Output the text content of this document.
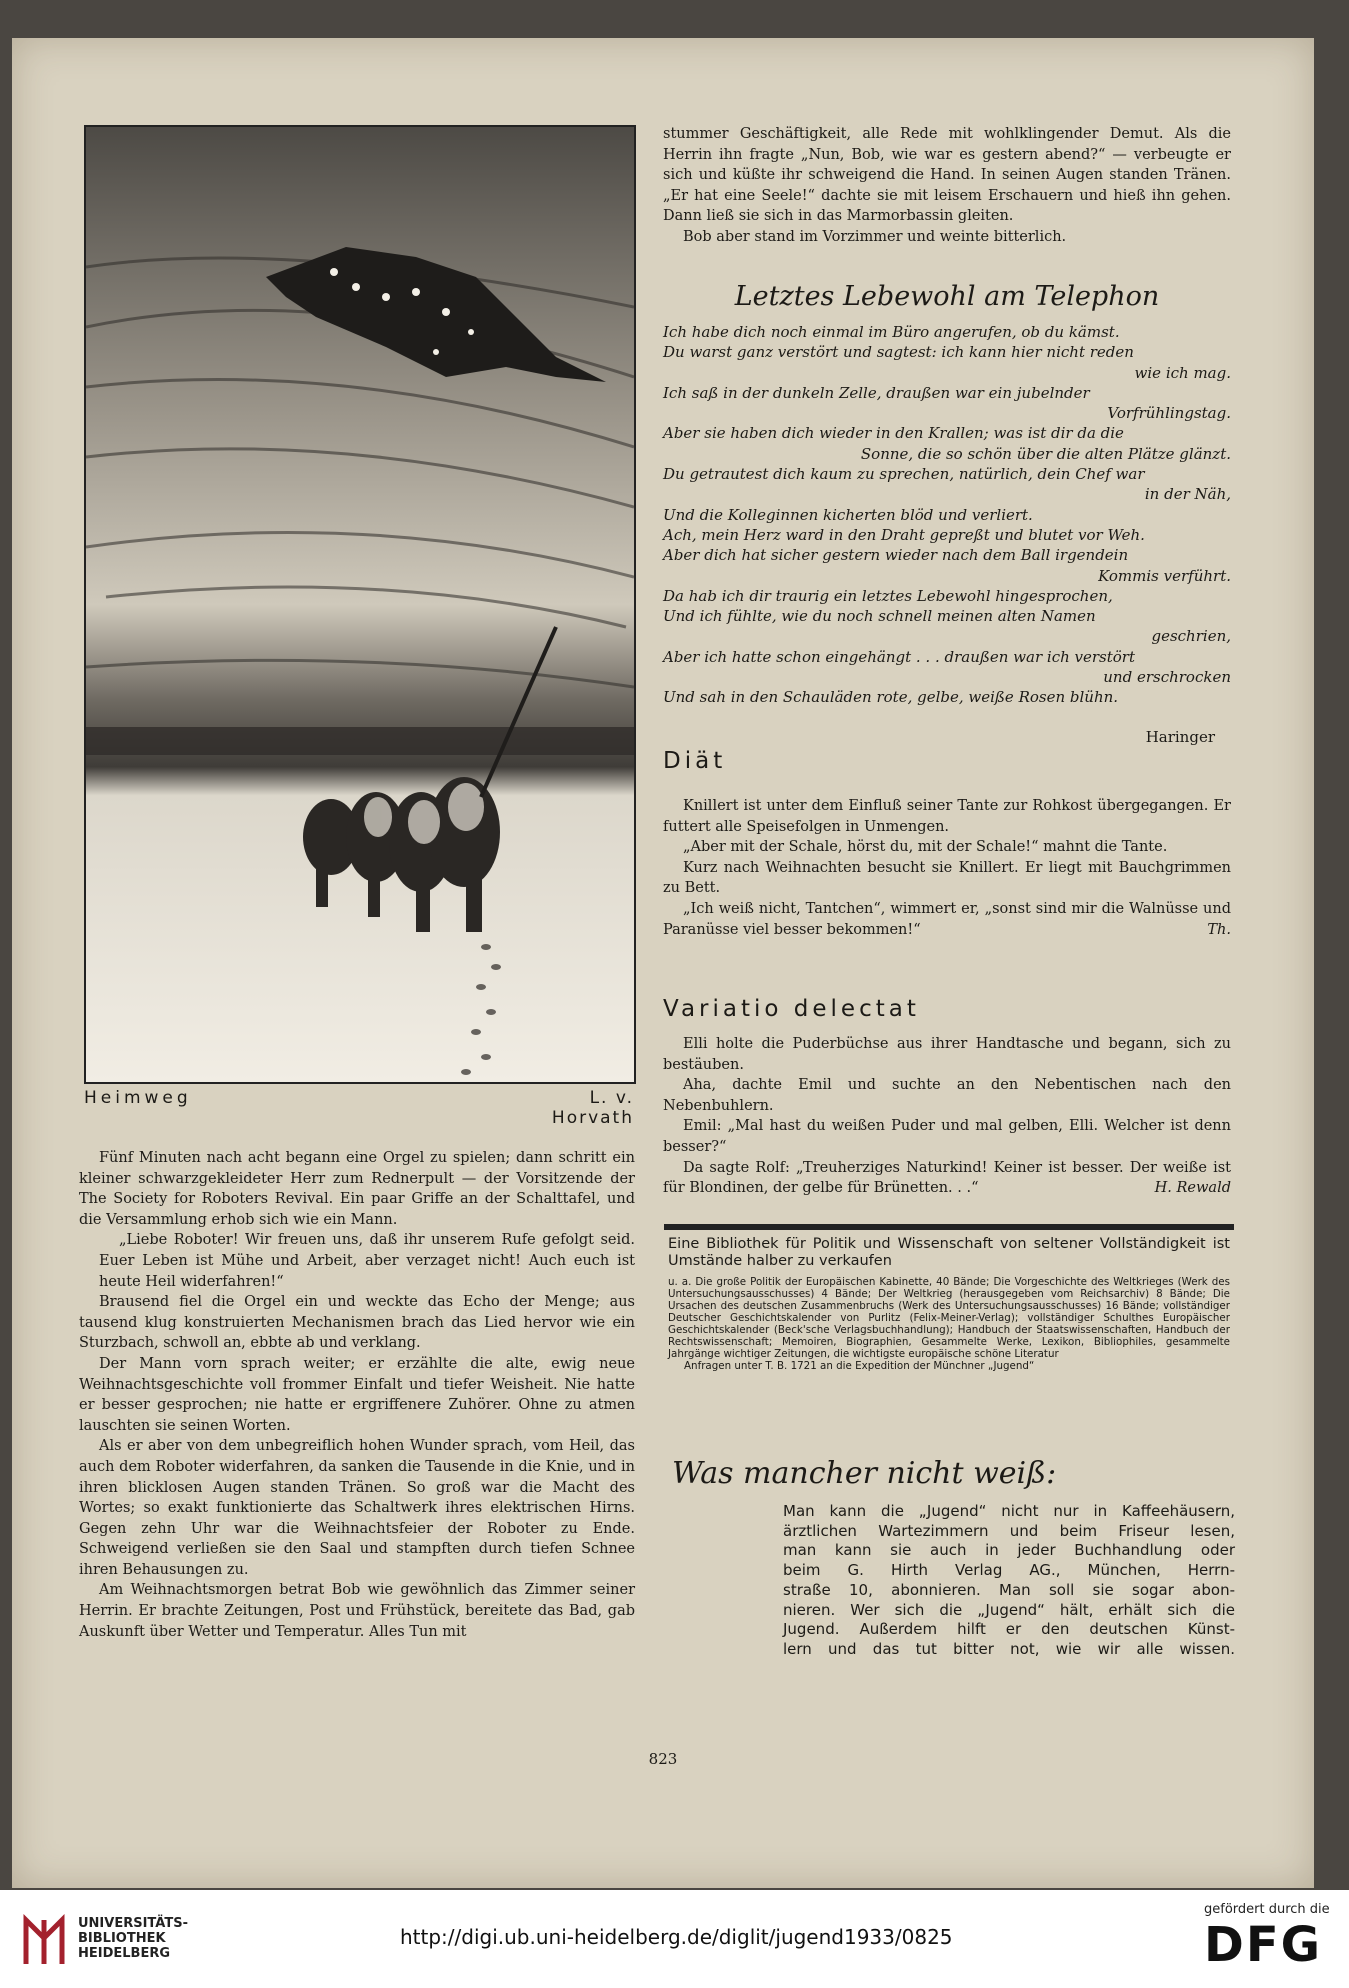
Heimweg	L. v. Horvath

Fünf Minuten nach acht begann eine Orgel zu spielen; dann schritt ein kleiner schwarzgekleideter Herr zum Rednerpult — der Vorsitzende der The Society for Roboters Revival. Ein paar Griffe an der Schalttafel, und die Versammlung erhob sich wie ein Mann.

„Liebe Roboter! Wir freuen uns, daß ihr unserem Rufe gefolgt seid. Euer Leben ist Mühe und Arbeit, aber verzaget nicht! Auch euch ist heute Heil widerfahren!“

Brausend fiel die Orgel ein und weckte das Echo der Menge; aus tausend klug konstruierten Mechanismen brach das Lied hervor wie ein Sturzbach, schwoll an, ebbte ab und verklang.

Der Mann vorn sprach weiter; er erzählte die alte, ewig neue Weihnachtsgeschichte voll frommer Einfalt und tiefer Weisheit. Nie hatte er besser gesprochen; nie hatte er ergriffenere Zuhörer. Ohne zu atmen lauschten sie seinen Worten.

Als er aber von dem unbegreiflich hohen Wunder sprach, vom Heil, das auch dem Roboter widerfahren, da sanken die Tausende in die Knie, und in ihren blicklosen Augen standen Tränen. So groß war die Macht des Wortes; so exakt funktionierte das Schaltwerk ihres elektrischen Hirns. Gegen zehn Uhr war die Weihnachtsfeier der Roboter zu Ende. Schweigend verließen sie den Saal und stampften durch tiefen Schnee ihren Behausungen zu.

Am Weihnachtsmorgen betrat Bob wie gewöhnlich das Zimmer seiner Herrin. Er brachte Zeitungen, Post und Frühstück, bereitete das Bad, gab Auskunft über Wetter und Temperatur. Alles Tun mit

stummer Geschäftigkeit, alle Rede mit wohlklingender Demut. Als die Herrin ihn fragte „Nun, Bob, wie war es gestern abend?“ — verbeugte er sich und küßte ihr schweigend die Hand. In seinen Augen standen Tränen. „Er hat eine Seele!“ dachte sie mit leisem Erschauern und hieß ihn gehen. Dann ließ sie sich in das Marmorbassin gleiten.

Bob aber stand im Vorzimmer und weinte bitterlich.

Letztes Lebewohl am Telephon
Ich habe dich noch einmal im Büro angerufen, ob du kämst.
Du warst ganz verstört und sagtest: ich kann hier nicht reden
wie ich mag.
Ich saß in der dunkeln Zelle, draußen war ein jubelnder
Vorfrühlingstag.
Aber sie haben dich wieder in den Krallen; was ist dir da die
Sonne, die so schön über die alten Plätze glänzt.
Du getrautest dich kaum zu sprechen, natürlich, dein Chef war
in der Näh,
Und die Kolleginnen kicherten blöd und verliert.
Ach, mein Herz ward in den Draht gepreßt und blutet vor Weh.
Aber dich hat sicher gestern wieder nach dem Ball irgendein
Kommis verführt.
Da hab ich dir traurig ein letztes Lebewohl hingesprochen,
Und ich fühlte, wie du noch schnell meinen alten Namen
geschrien,
Aber ich hatte schon eingehängt . . . draußen war ich verstört
und erschrocken
Und sah in den Schauläden rote, gelbe, weiße Rosen blühn.
Haringer
Diät

Knillert ist unter dem Einfluß seiner Tante zur Rohkost übergegangen. Er futtert alle Speisefolgen in Unmengen.

„Aber mit der Schale, hörst du, mit der Schale!“ mahnt die Tante.

Kurz nach Weihnachten besucht sie Knillert. Er liegt mit Bauchgrimmen zu Bett.

„Ich weiß nicht, Tantchen“, wimmert er, „sonst sind mir die Walnüsse und Paranüsse viel besser bekommen!“	Th.

Variatio delectat

Elli holte die Puderbüchse aus ihrer Handtasche und begann, sich zu bestäuben.

Aha, dachte Emil und suchte an den Nebentischen nach den Nebenbuhlern.

Emil: „Mal hast du weißen Puder und mal gelben, Elli. Welcher ist denn besser?“

Da sagte Rolf: „Treuherziges Naturkind! Keiner ist besser. Der weiße ist für Blondinen, der gelbe für Brünetten. . .“	H. Rewald

Eine Bibliothek für Politik und Wissenschaft von seltener Vollständigkeit ist Umstände halber zu verkaufen
u. a. Die große Politik der Europäischen Kabinette, 40 Bände; Die Vorgeschichte des Weltkrieges (Werk des Untersuchungsausschusses) 4 Bände; Der Weltkrieg (herausgegeben vom Reichsarchiv) 8 Bände; Die Ursachen des deutschen Zusammenbruchs (Werk des Untersuchungsausschusses) 16 Bände; vollständiger Deutscher Geschichtskalender von Purlitz (Felix-Meiner-Verlag); vollständiger Schulthes Europäischer Geschichtskalender (Beck'sche Verlagsbuchhandlung); Handbuch der Staatswissenschaften, Handbuch der Rechtswissenschaft; Memoiren, Biographien, Gesammelte Werke, Lexikon, Bibliophiles, gesammelte Jahrgänge wichtiger Zeitungen, die wichtigste europäische schöne Literatur
Anfragen unter T. B. 1721 an die Expedition der Münchner „Jugend“
Was mancher nicht weiß:
Man kann die „Jugend“ nicht nur in Kaffeehäusern,
ärztlichen Wartezimmern und beim Friseur lesen,
man kann sie auch in jeder Buchhandlung oder
beim G. Hirth Verlag AG., München, Herrn-
straße 10, abonnieren. Man soll sie sogar abon-
nieren. Wer sich die „Jugend“ hält, erhält sich die
Jugend. Außerdem hilft er den deutschen Künst-
lern und das tut bitter not, wie wir alle wissen.
823
UNIVERSITÄTS-
BIBLIOTHEK
HEIDELBERG
http://digi.ub.uni-heidelberg.de/diglit/jugend1933/0825
gefördert durch die
DFG
